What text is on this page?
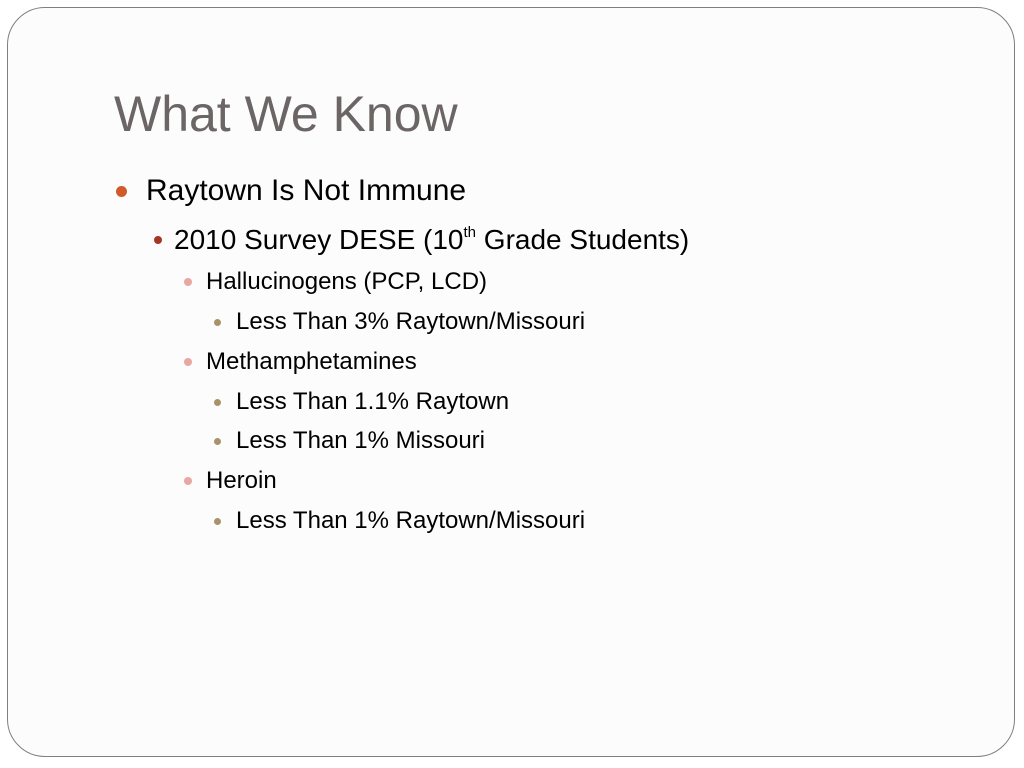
What We Know
Raytown Is Not Immune
2010 Survey DESE (10th Grade Students)
Hallucinogens (PCP, LCD)
Less Than 3% Raytown/Missouri
Methamphetamines
Less Than 1.1% Raytown
Less Than 1% Missouri
Heroin
Less Than 1% Raytown/Missouri
